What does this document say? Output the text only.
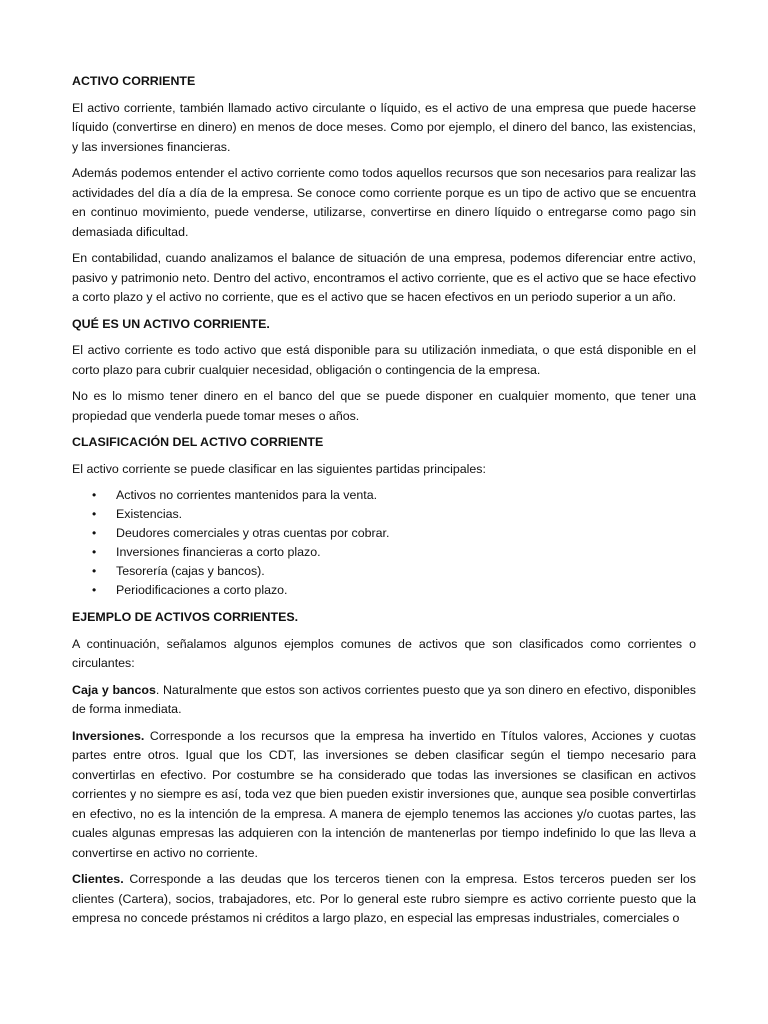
ACTIVO CORRIENTE

El activo corriente, también llamado activo circulante o líquido, es el activo de una empresa que puede hacerse líquido (convertirse en dinero) en menos de doce meses. Como por ejemplo, el dinero del banco, las existencias, y las inversiones financieras.

Además podemos entender el activo corriente como todos aquellos recursos que son necesarios para realizar las actividades del día a día de la empresa. Se conoce como corriente porque es un tipo de activo que se encuentra en continuo movimiento, puede venderse, utilizarse, convertirse en dinero líquido o entregarse como pago sin demasiada dificultad.

En contabilidad, cuando analizamos el balance de situación de una empresa, podemos diferenciar entre activo, pasivo y patrimonio neto. Dentro del activo, encontramos el activo corriente, que es el activo que se hace efectivo a corto plazo y el activo no corriente, que es el activo que se hacen efectivos en un periodo superior a un año.

QUÉ ES UN ACTIVO CORRIENTE.

El activo corriente es todo activo que está disponible para su utilización inmediata, o que está disponible en el corto plazo para cubrir cualquier necesidad, obligación o contingencia de la empresa.

No es lo mismo tener dinero en el banco del que se puede disponer en cualquier momento, que tener una propiedad que venderla puede tomar meses o años.

CLASIFICACIÓN DEL ACTIVO CORRIENTE

El activo corriente se puede clasificar en las siguientes partidas principales:

• Activos no corrientes mantenidos para la venta.
• Existencias.
• Deudores comerciales y otras cuentas por cobrar.
• Inversiones financieras a corto plazo.
• Tesorería (cajas y bancos).
• Periodificaciones a corto plazo.
EJEMPLO DE ACTIVOS CORRIENTES.

A continuación, señalamos algunos ejemplos comunes de activos que son clasificados como corrientes o circulantes:

Caja y bancos. Naturalmente que estos son activos corrientes puesto que ya son dinero en efectivo, disponibles de forma inmediata.

Inversiones. Corresponde a los recursos que la empresa ha invertido en Títulos valores, Acciones y cuotas partes entre otros. Igual que los CDT, las inversiones se deben clasificar según el tiempo necesario para convertirlas en efectivo. Por costumbre se ha considerado que todas las inversiones se clasifican en activos corrientes y no siempre es así, toda vez que bien pueden existir inversiones que, aunque sea posible convertirlas en efectivo, no es la intención de la empresa. A manera de ejemplo tenemos las acciones y/o cuotas partes, las cuales algunas empresas las adquieren con la intención de mantenerlas por tiempo indefinido lo que las lleva a convertirse en activo no corriente.

Clientes. Corresponde a las deudas que los terceros tienen con la empresa. Estos terceros pueden ser los clientes (Cartera), socios, trabajadores, etc. Por lo general este rubro siempre es activo corriente puesto que la empresa no concede préstamos ni créditos a largo plazo, en especial las empresas industriales, comerciales o
